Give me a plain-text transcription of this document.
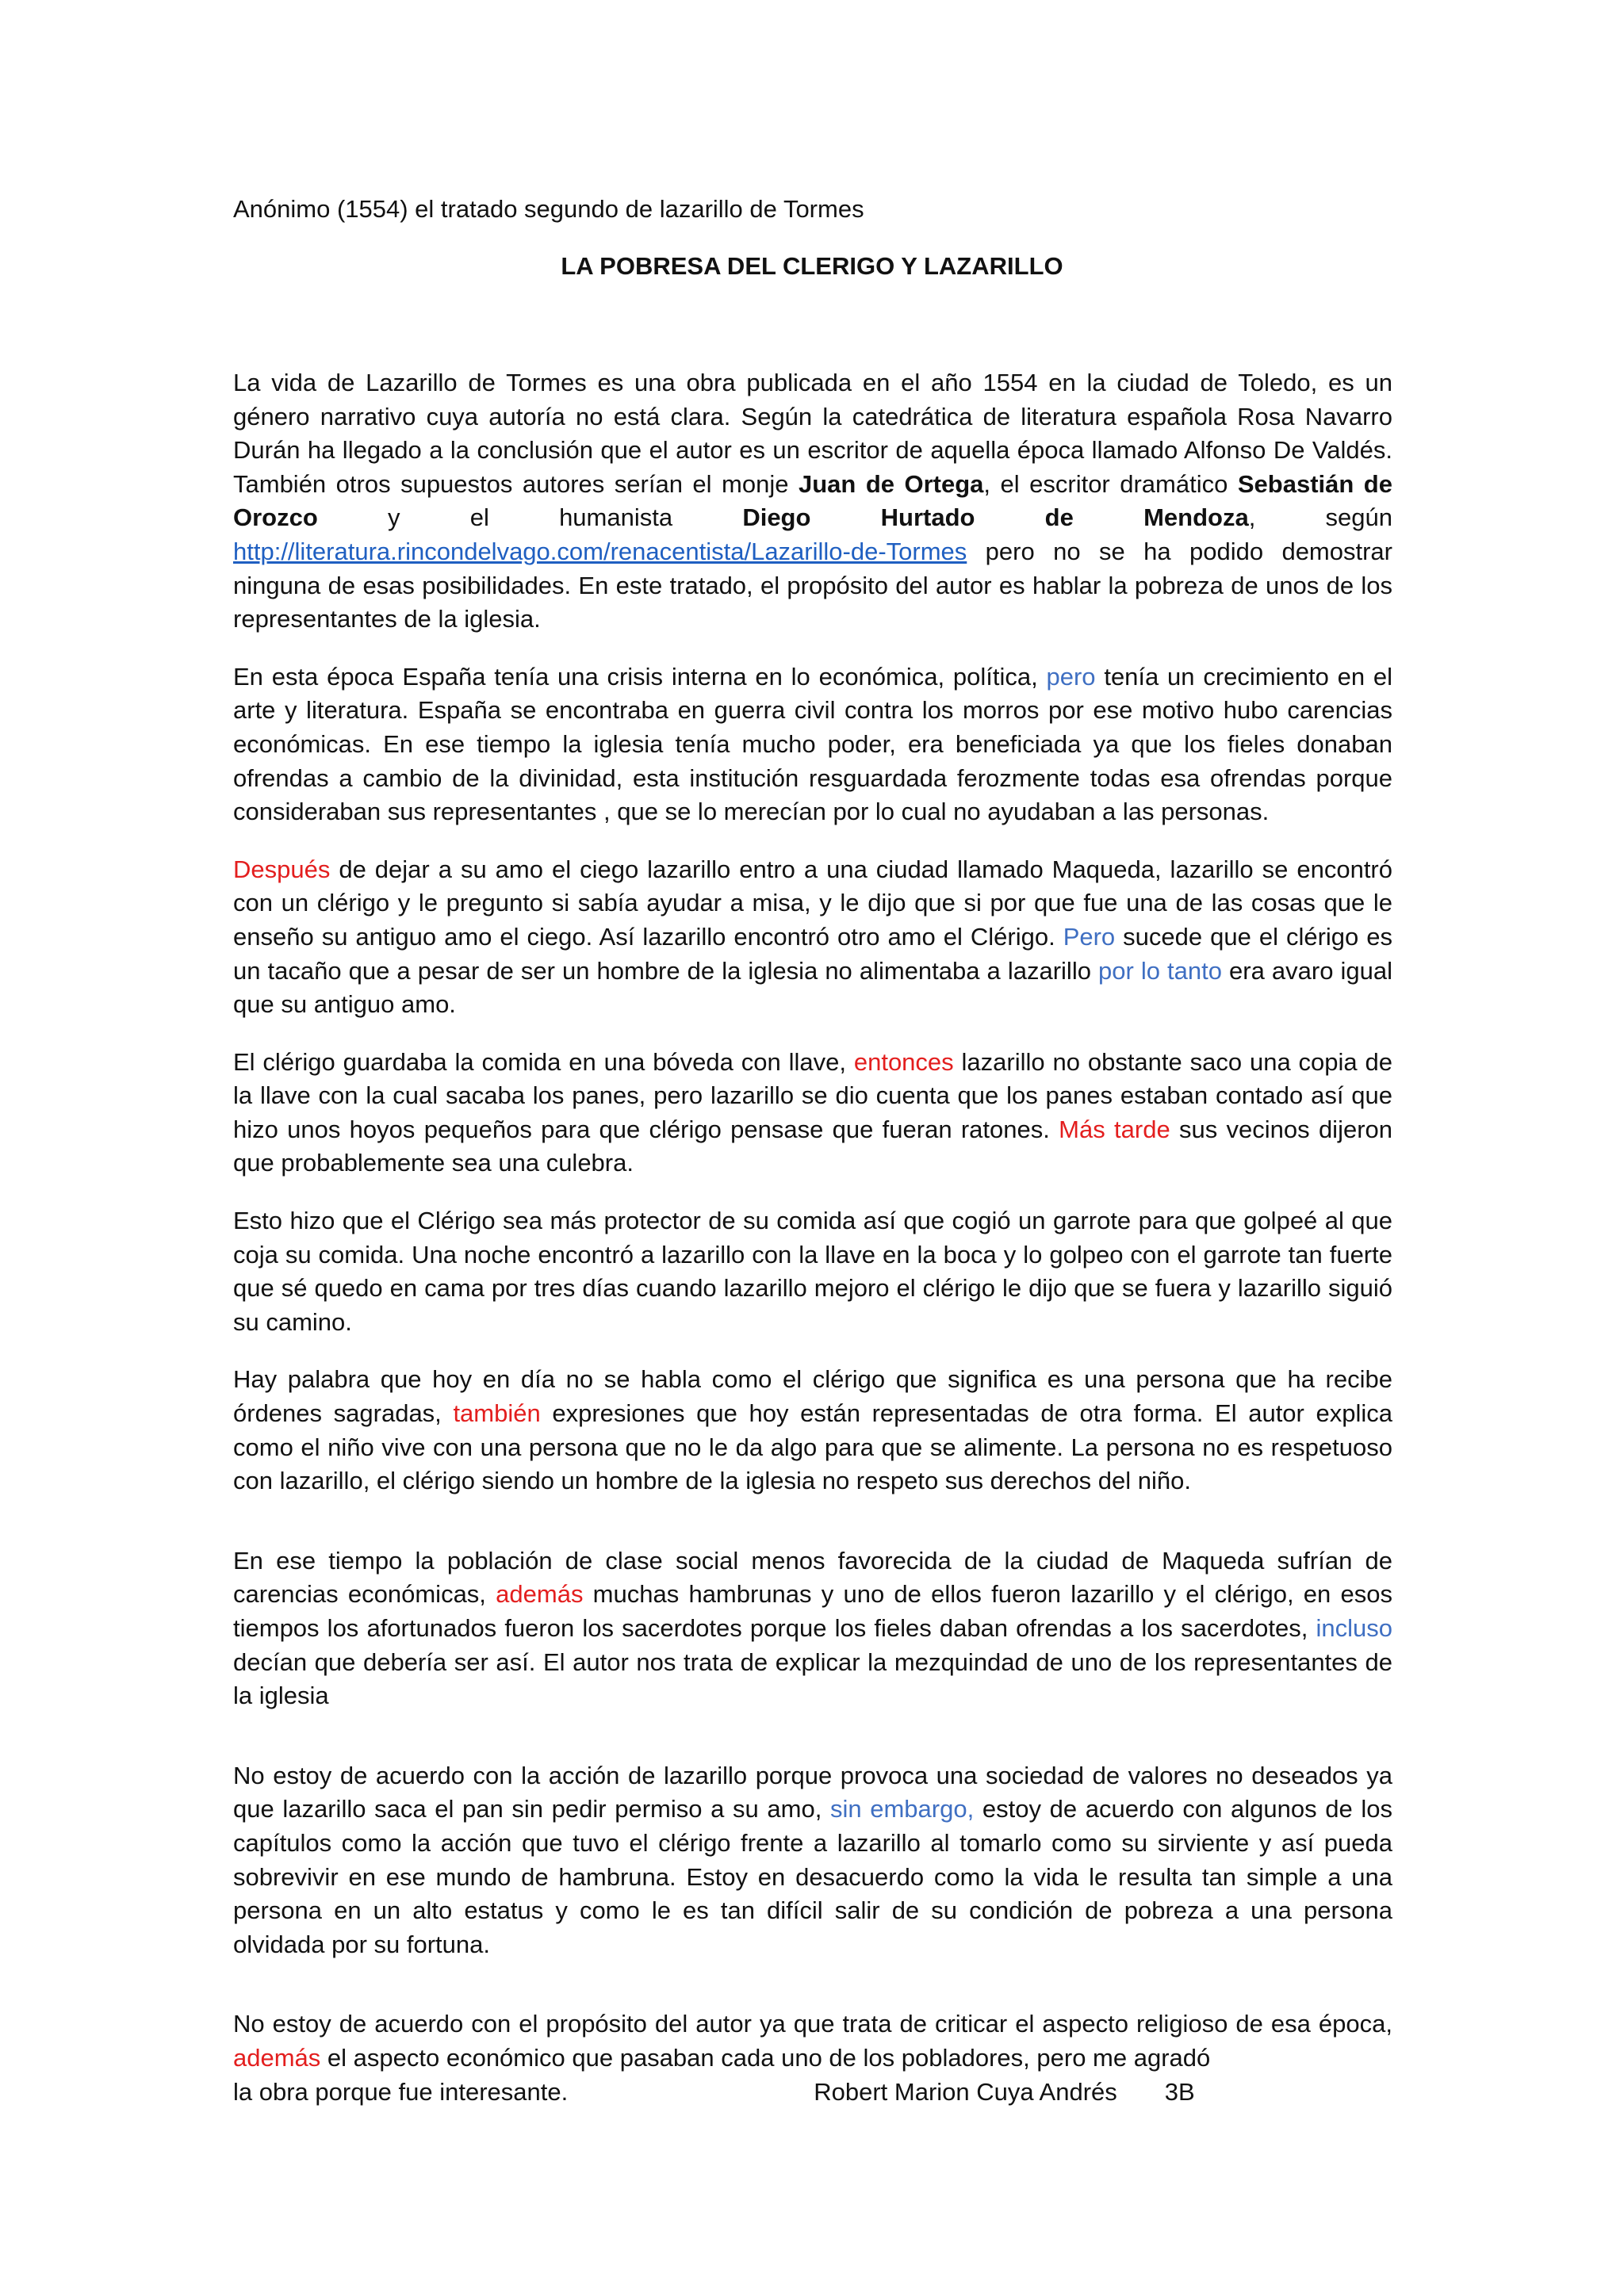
Anónimo (1554) el tratado segundo de lazarillo de Tormes

LA POBRESA DEL CLERIGO Y LAZARILLO

La vida de Lazarillo de Tormes es una obra publicada en el año 1554 en la ciudad de Toledo, es un género narrativo cuya autoría no está clara. Según la catedrática de literatura española Rosa Navarro Durán ha llegado a la conclusión que el autor es un escritor de aquella época llamado Alfonso De Valdés. También otros supuestos autores serían el monje Juan de Ortega, el escritor dramático Sebastián de Orozco y el humanista Diego Hurtado de Mendoza, según http://literatura.rincondelvago.com/renacentista/Lazarillo-de-Tormes pero no se ha podido demostrar ninguna de esas posibilidades. En este tratado, el propósito del autor es hablar la pobreza de unos de los representantes de la iglesia.

En esta época España tenía una crisis interna en lo económica, política, pero tenía un crecimiento en el arte y literatura. España se encontraba en guerra civil contra los morros por ese motivo hubo carencias económicas. En ese tiempo la iglesia tenía mucho poder, era beneficiada ya que los fieles donaban ofrendas a cambio de la divinidad, esta institución resguardada ferozmente todas esa ofrendas porque consideraban sus representantes , que se lo merecían por lo cual no ayudaban a las personas.

Después de dejar a su amo el ciego lazarillo entro a una ciudad llamado Maqueda, lazarillo se encontró con un clérigo y le pregunto si sabía ayudar a misa, y le dijo que si por que fue una de las cosas que le enseño su antiguo amo el ciego. Así lazarillo encontró otro amo el Clérigo. Pero sucede que el clérigo es un tacaño que a pesar de ser un hombre de la iglesia no alimentaba a lazarillo por lo tanto era avaro igual que su antiguo amo.

El clérigo guardaba la comida en una bóveda con llave, entonces lazarillo no obstante saco una copia de la llave con la cual sacaba los panes, pero lazarillo se dio cuenta que los panes estaban contado así que hizo unos hoyos pequeños para que clérigo pensase que fueran ratones. Más tarde sus vecinos dijeron que probablemente sea una culebra.

Esto hizo que el Clérigo sea más protector de su comida así que cogió un garrote para que golpeé al que coja su comida. Una noche encontró a lazarillo con la llave en la boca y lo golpeo con el garrote tan fuerte que sé quedo en cama por tres días cuando lazarillo mejoro el clérigo le dijo que se fuera y lazarillo siguió su camino.

Hay palabra que hoy en día no se habla como el clérigo que significa es una persona que ha recibe órdenes sagradas, también expresiones que hoy están representadas de otra forma. El autor explica como el niño vive con una persona que no le da algo para que se alimente. La persona no es respetuoso con lazarillo, el clérigo siendo un hombre de la iglesia no respeto sus derechos del niño.

En ese tiempo la población de clase social menos favorecida de la ciudad de Maqueda sufrían de carencias económicas, además muchas hambrunas y uno de ellos fueron lazarillo y el clérigo, en esos tiempos los afortunados fueron los sacerdotes porque los fieles daban ofrendas a los sacerdotes, incluso decían que debería ser así. El autor nos trata de explicar la mezquindad de uno de los representantes de la iglesia

No estoy de acuerdo con la acción de lazarillo porque provoca una sociedad de valores no deseados ya que lazarillo saca el pan sin pedir permiso a su amo, sin embargo, estoy de acuerdo con algunos de los capítulos como la acción que tuvo el clérigo frente a lazarillo al tomarlo como su sirviente y así pueda sobrevivir en ese mundo de hambruna. Estoy en desacuerdo como la vida le resulta tan simple a una persona en un alto estatus y como le es tan difícil salir de su condición de pobreza a una persona olvidada por su fortuna.

No estoy de acuerdo con el propósito del autor ya que trata de criticar el aspecto religioso de esa época, además el aspecto económico que pasaban cada uno de los pobladores, pero me agradó
la obra porque fue interesante.	Robert Marion Cuya Andrés 3B
